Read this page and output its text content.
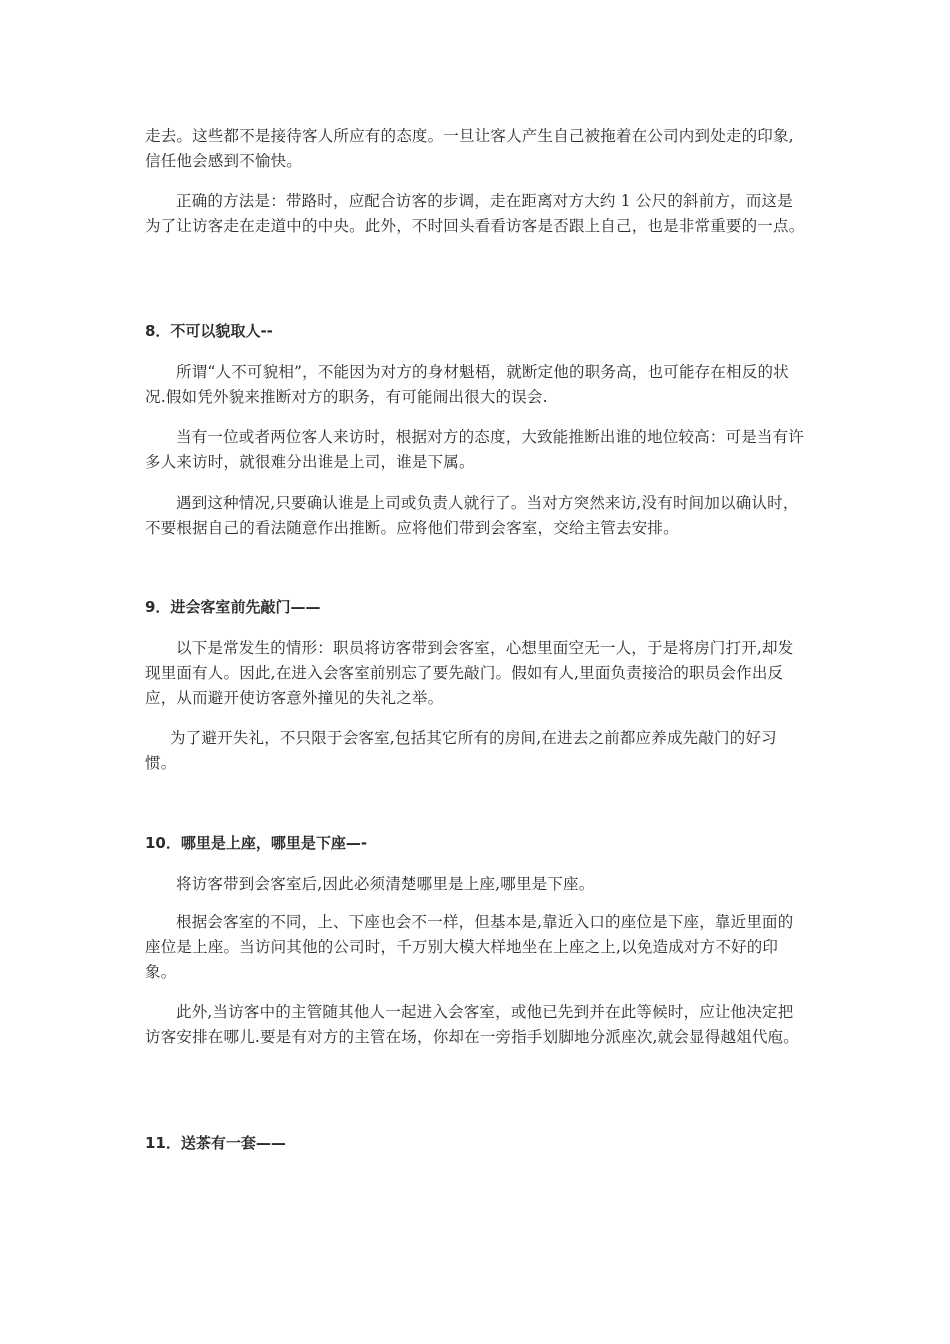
走去。这些都不是接待客人所应有的态度。一旦让客人产生自己被拖着在公司内到处走的印象,信任他会感到不愉快。

正确的方法是：带路时，应配合访客的步调，走在距离对方大约 1 公尺的斜前方，而这是为了让访客走在走道中的中央。此外，不时回头看看访客是否跟上自己，也是非常重要的一点。

8．不可以貌取人--

所谓“人不可貌相”，不能因为对方的身材魁梧，就断定他的职务高，也可能存在相反的状况.假如凭外貌来推断对方的职务，有可能闹出很大的误会.

当有一位或者两位客人来访时，根据对方的态度，大致能推断出谁的地位较高：可是当有许多人来访时，就很难分出谁是上司，谁是下属。

遇到这种情况,只要确认谁是上司或负责人就行了。当对方突然来访,没有时间加以确认时，不要根据自己的看法随意作出推断。应将他们带到会客室，交给主管去安排。

9．进会客室前先敲门——

以下是常发生的情形：职员将访客带到会客室，心想里面空无一人，于是将房门打开,却发现里面有人。因此,在进入会客室前别忘了要先敲门。假如有人,里面负责接洽的职员会作出反应，从而避开使访客意外撞见的失礼之举。

为了避开失礼，不只限于会客室,包括其它所有的房间,在进去之前都应养成先敲门的好习惯。

10．哪里是上座，哪里是下座—-

将访客带到会客室后,因此必须清楚哪里是上座,哪里是下座。

根据会客室的不同，上、下座也会不一样，但基本是,靠近入口的座位是下座，靠近里面的座位是上座。当访问其他的公司时，千万别大模大样地坐在上座之上,以免造成对方不好的印象。

此外,当访客中的主管随其他人一起进入会客室，或他已先到并在此等候时，应让他决定把访客安排在哪儿.要是有对方的主管在场，你却在一旁指手划脚地分派座次,就会显得越俎代庖。

11．送茶有一套——
